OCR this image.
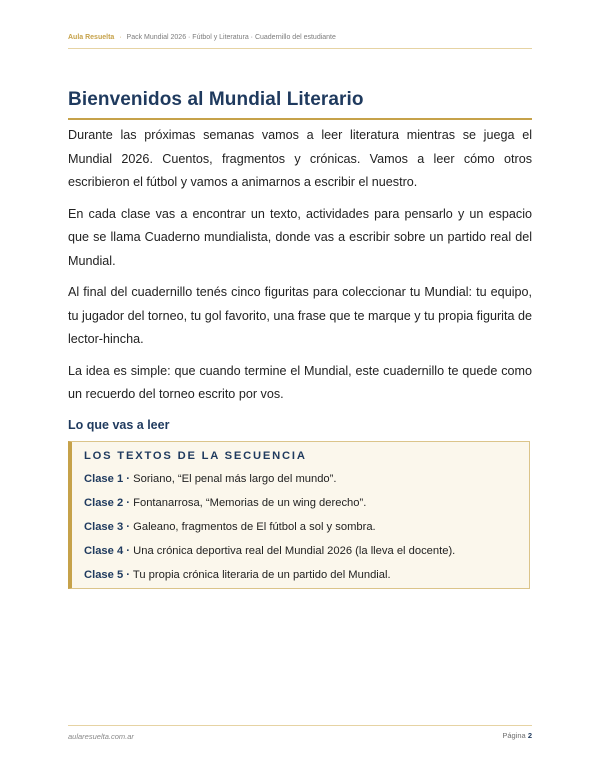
Aula Resuelta · Pack Mundial 2026 · Fútbol y Literatura · Cuadernillo del estudiante
Bienvenidos al Mundial Literario

Durante las próximas semanas vamos a leer literatura mientras se juega el Mundial 2026. Cuentos, fragmentos y crónicas. Vamos a leer cómo otros escribieron el fútbol y vamos a animarnos a escribir el nuestro.

En cada clase vas a encontrar un texto, actividades para pensarlo y un espacio que se llama Cuaderno mundialista, donde vas a escribir sobre un partido real del Mundial.

Al final del cuadernillo tenés cinco figuritas para coleccionar tu Mundial: tu equipo, tu jugador del torneo, tu gol favorito, una frase que te marque y tu propia figurita de lector-hincha.

La idea es simple: que cuando termine el Mundial, este cuadernillo te quede como un recuerdo del torneo escrito por vos.

Lo que vas a leer
LOS TEXTOS DE LA SECUENCIA
Clase 1 · Soriano, “El penal más largo del mundo”.
Clase 2 · Fontanarrosa, “Memorias de un wing derecho”.
Clase 3 · Galeano, fragmentos de El fútbol a sol y sombra.
Clase 4 · Una crónica deportiva real del Mundial 2026 (la lleva el docente).
Clase 5 · Tu propia crónica literaria de un partido del Mundial.
aularesuelta.com.ar	Página 2
